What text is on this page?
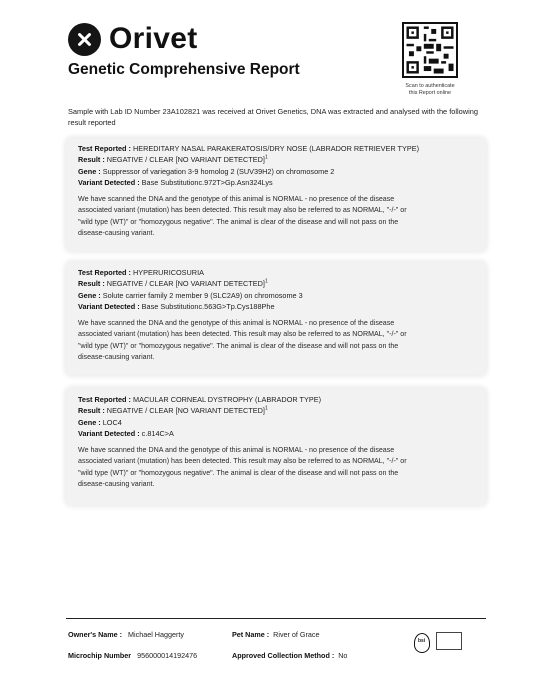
Orivet
Genetic Comprehensive Report
Scan to authenticate
this Report online
Sample with Lab ID Number 23A102821 was received at Orivet Genetics, DNA was extracted and analysed with the following result reported
Test Reported : HEREDITARY NASAL PARAKERATOSIS/DRY NOSE (LABRADOR RETRIEVER TYPE)
Result : NEGATIVE / CLEAR [NO VARIANT DETECTED]$^1$
Gene : Suppressor of variegation 3-9 homolog 2 (SUV39H2) on chromosome 2
Variant Detected : Base Substitutionc.972T>Gp.Asn324Lys
We have scanned the DNA and the genotype of this animal is NORMAL - no presence of the disease
associated variant (mutation) has been detected. This result may also be referred to as NORMAL, "-/-" or
"wild type (WT)" or "homozygous negative". The animal is clear of the disease and will not pass on the
disease-causing variant.
Test Reported : HYPERURICOSURIA
Result : NEGATIVE / CLEAR [NO VARIANT DETECTED]$^1$
Gene : Solute carrier family 2 member 9 (SLC2A9) on chromosome 3
Variant Detected : Base Substitutionc.563G>Tp.Cys188Phe
We have scanned the DNA and the genotype of this animal is NORMAL - no presence of the disease
associated variant (mutation) has been detected. This result may also be referred to as NORMAL, "-/-" or
"wild type (WT)" or "homozygous negative". The animal is clear of the disease and will not pass on the
disease-causing variant.
Test Reported : MACULAR CORNEAL DYSTROPHY (LABRADOR TYPE)
Result : NEGATIVE / CLEAR [NO VARIANT DETECTED]$^1$
Gene : LOC4
Variant Detected : c.814C>A
We have scanned the DNA and the genotype of this animal is NORMAL - no presence of the disease
associated variant (mutation) has been detected. This result may also be referred to as NORMAL, "-/-" or
"wild type (WT)" or "homozygous negative". The animal is clear of the disease and will not pass on the
disease-causing variant.
Owner's Name : Michael Haggerty	Pet Name : River of Grace
Microchip Number 956000014192476	Approved Collection Method : No
bsi
